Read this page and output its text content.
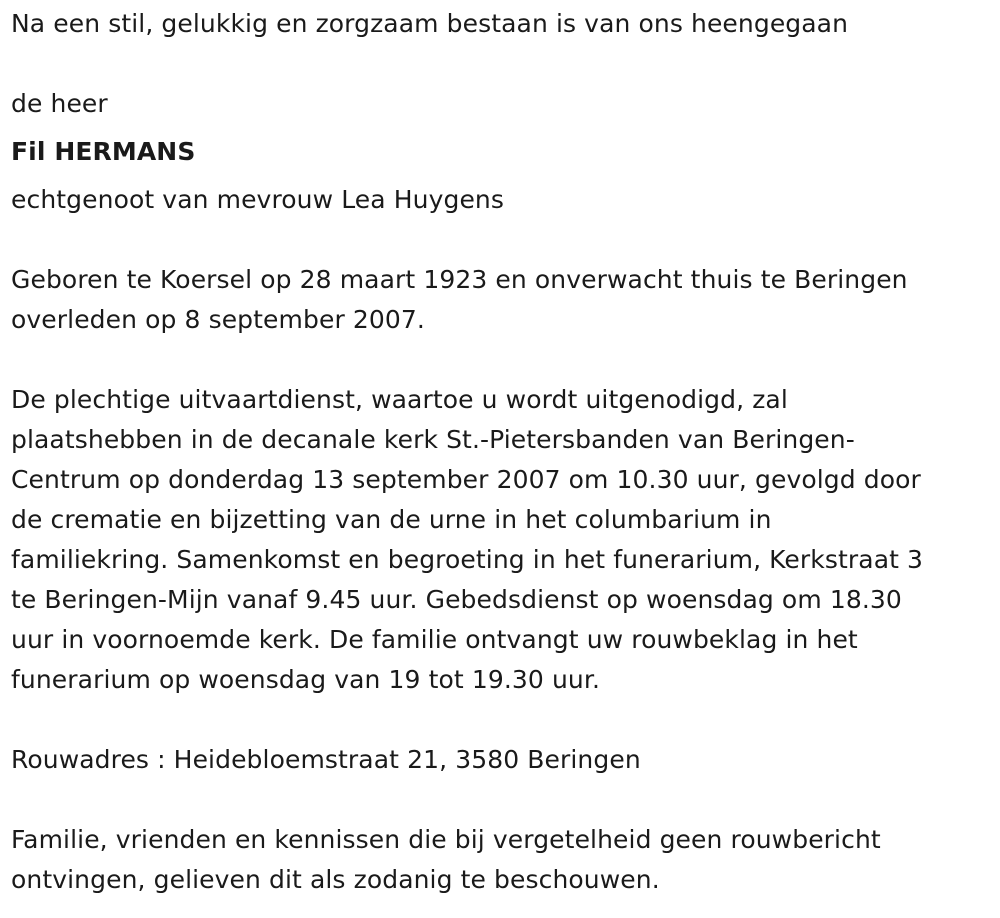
Na een stil, gelukkig en zorgzaam bestaan is van ons heengegaan
de heer
Fil HERMANS
echtgenoot van mevrouw Lea Huygens
Geboren te Koersel op 28 maart 1923 en onverwacht thuis te Beringen
overleden op 8 september 2007.
De plechtige uitvaartdienst, waartoe u wordt uitgenodigd, zal
plaatshebben in de decanale kerk St.-Pietersbanden van Beringen-
Centrum op donderdag 13 september 2007 om 10.30 uur, gevolgd door
de crematie en bijzetting van de urne in het columbarium in
familiekring. Samenkomst en begroeting in het funerarium, Kerkstraat 3
te Beringen-Mijn vanaf 9.45 uur. Gebedsdienst op woensdag om 18.30
uur in voornoemde kerk. De familie ontvangt uw rouwbeklag in het
funerarium op woensdag van 19 tot 19.30 uur.
Rouwadres : Heidebloemstraat 21, 3580 Beringen
Familie, vrienden en kennissen die bij vergetelheid geen rouwbericht
ontvingen, gelieven dit als zodanig te beschouwen.
